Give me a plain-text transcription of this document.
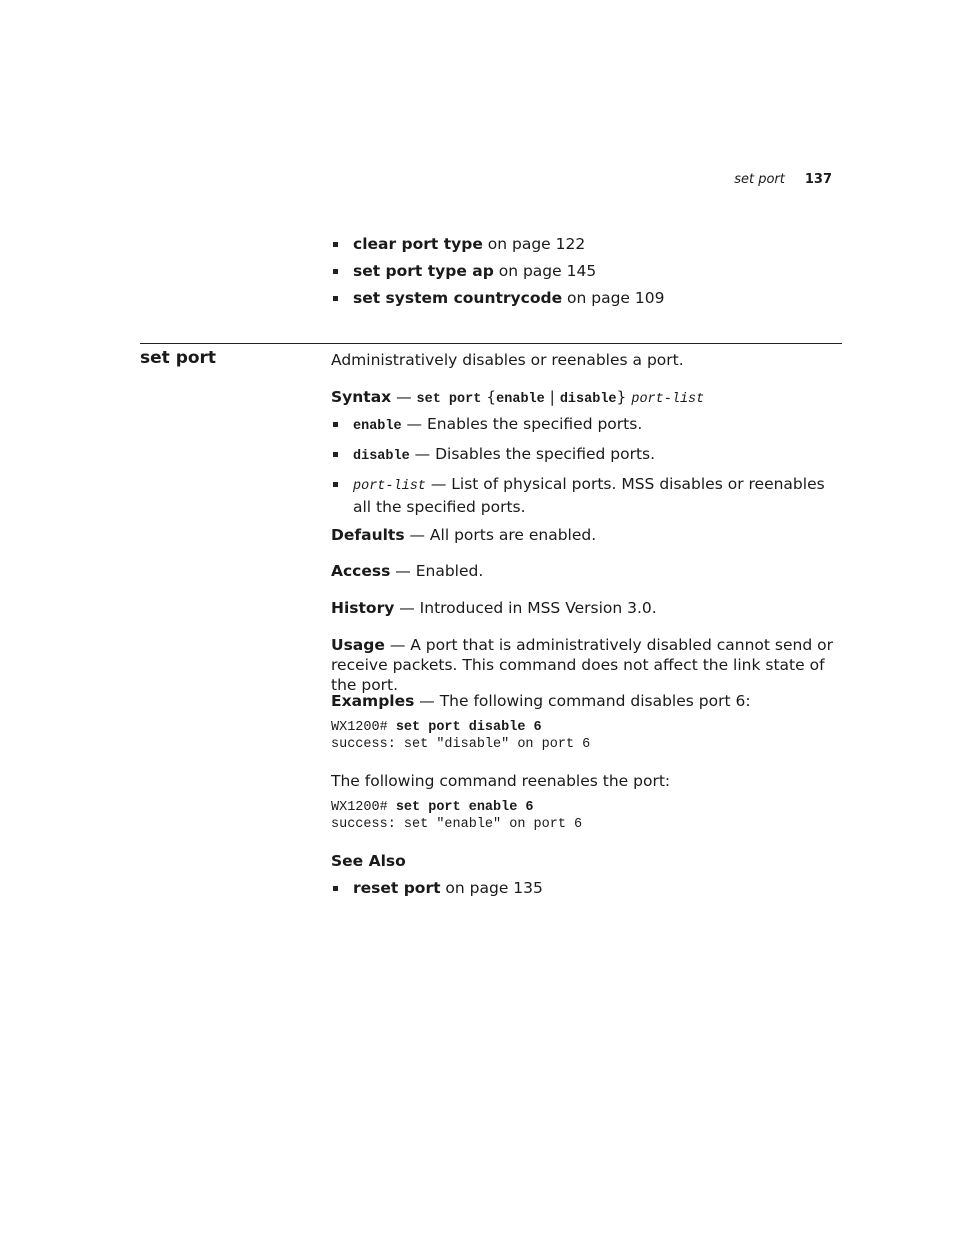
set port 137
clear port type on page 122
set port type ap on page 145
set system countrycode on page 109
set port	Administratively disables or reenables a port.

Syntax — set port {enable | disable} port-list

enable — Enables the specified ports.
disable — Disables the specified ports.
port-list — List of physical ports. MSS disables or reenables all the specified ports.

Defaults — All ports are enabled.

Access — Enabled.

History — Introduced in MSS Version 3.0.

Usage — A port that is administratively disabled cannot send or receive packets. This command does not affect the link state of the port.

Examples — The following command disables port 6:

WX1200# set port disable 6
success: set "disable" on port 6

The following command reenables the port:

WX1200# set port enable 6
success: set "enable" on port 6

See Also

reset port on page 135
